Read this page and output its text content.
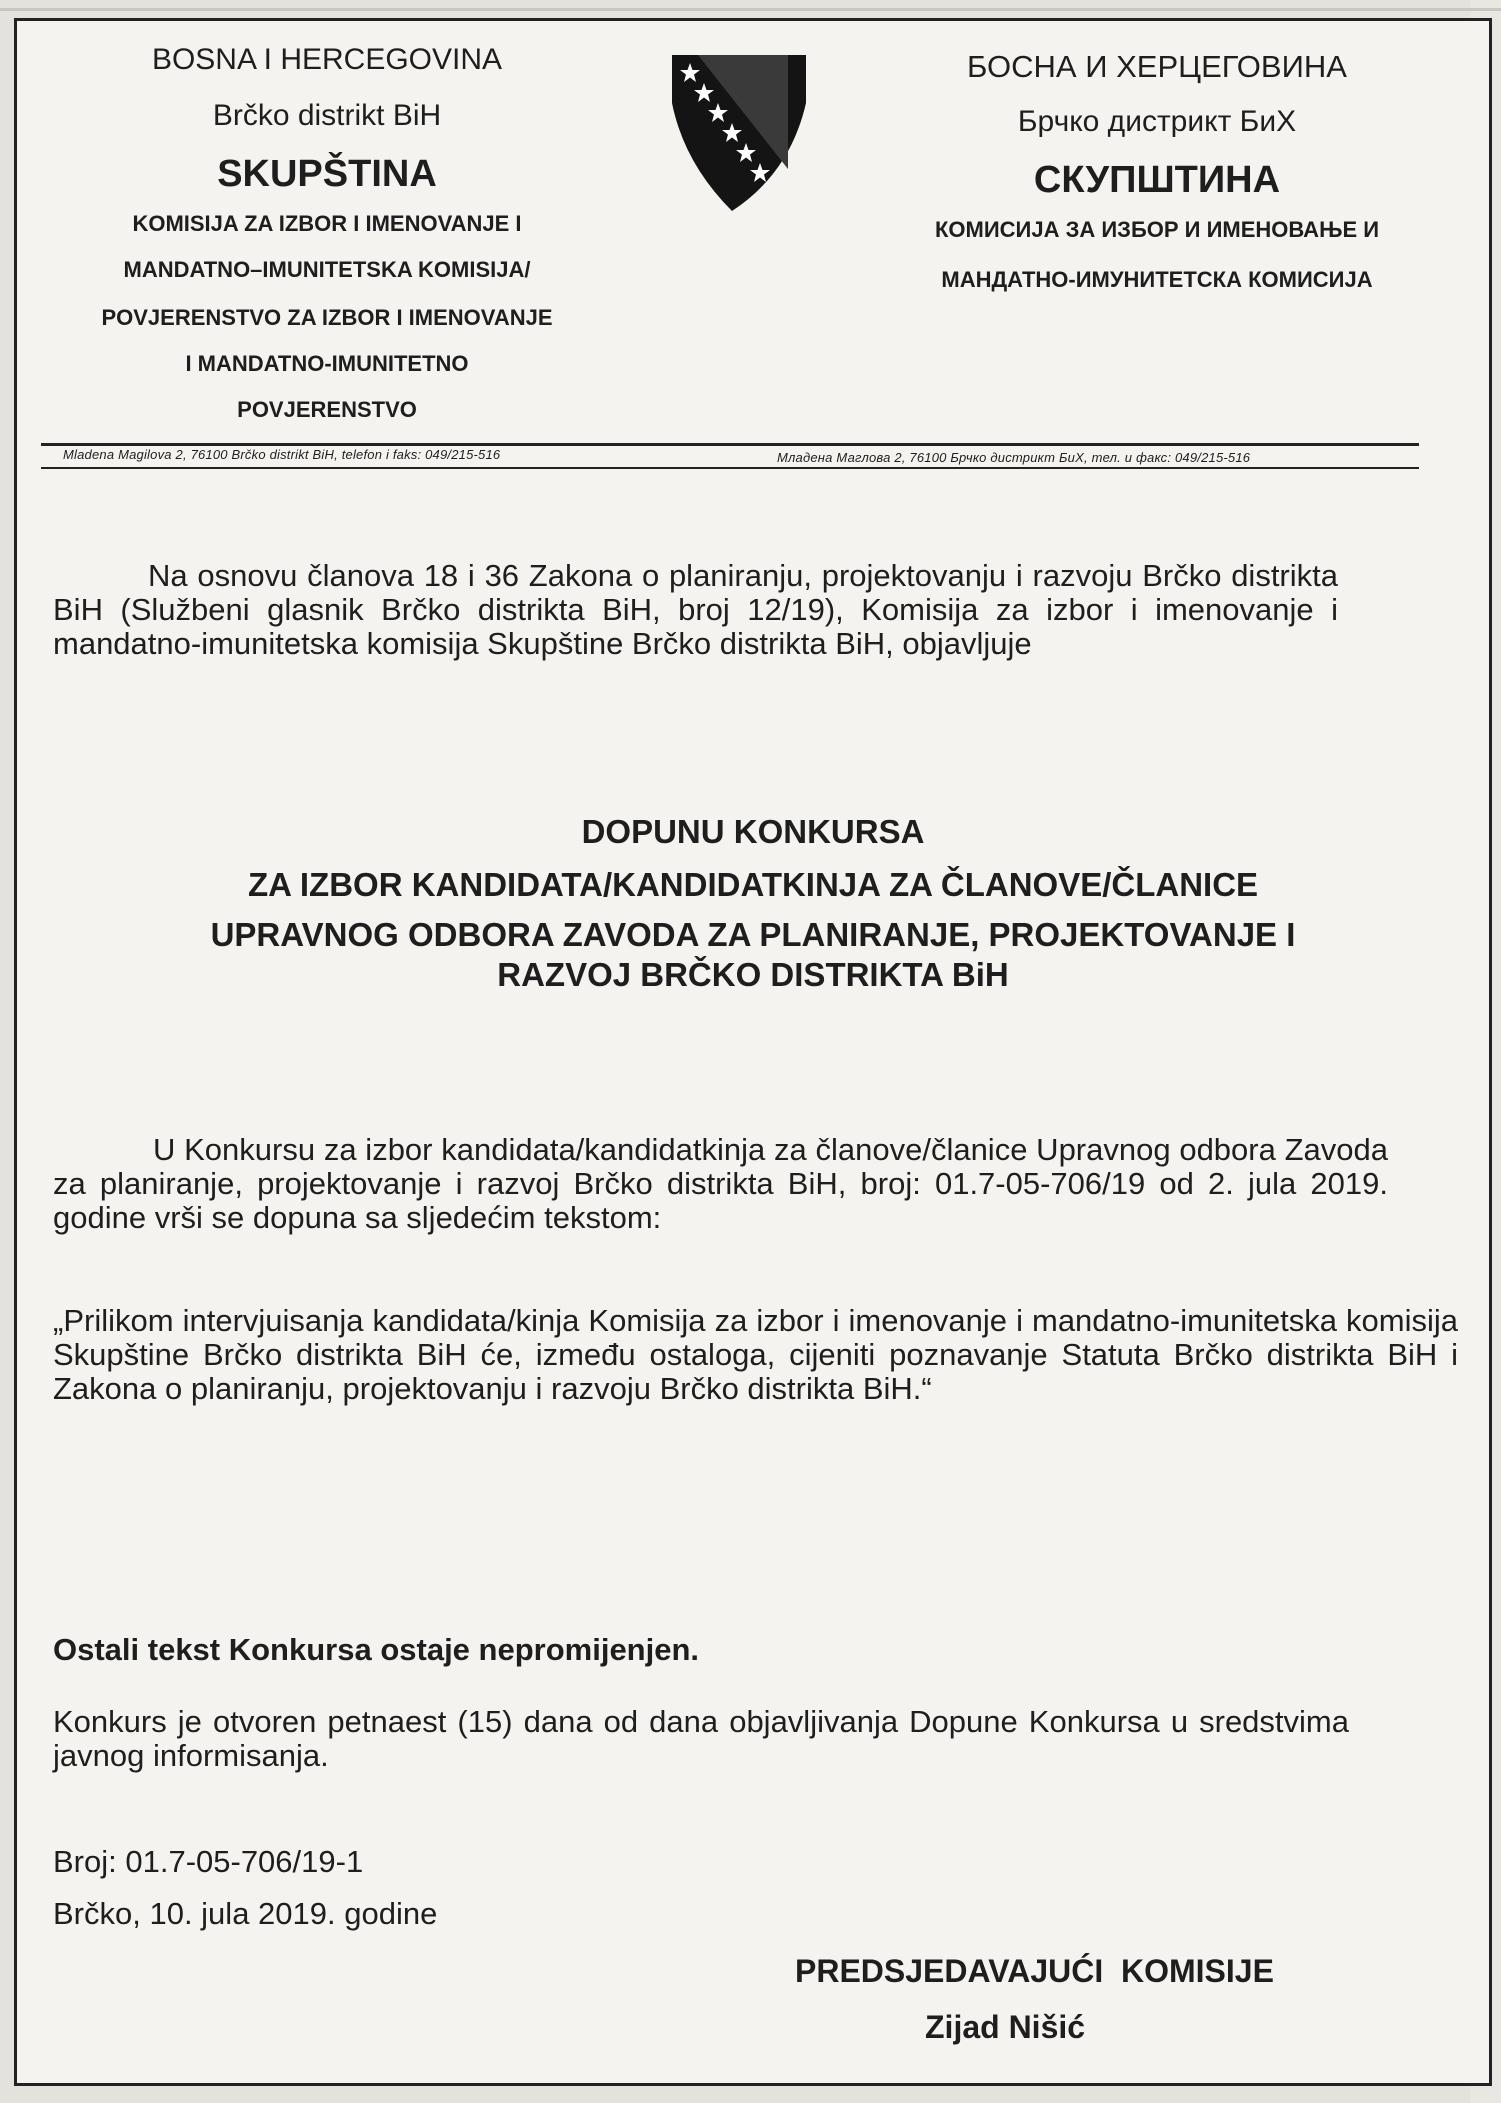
BOSNA I HERCEGOVINA
Brčko distrikt BiH
SKUPŠTINA
KOMISIJA ZA IZBOR I IMENOVANJE I
MANDATNO–IMUNITETSKA KOMISIJA/
POVJERENSTVO ZA IZBOR I IMENOVANJE
I MANDATNO-IMUNITETNO
POVJERENSTVO
БОСНА И ХЕРЦЕГОВИНА
Брчко дистрикт БиХ
СКУПШТИНА
КОМИСИЈА ЗА ИЗБОР И ИМЕНОВАЊЕ И
МАНДАТНО-ИМУНИТЕТСКА КОМИСИЈА
Mladena Magilova 2, 76100 Brčko distrikt BiH, telefon i faks: 049/215-516	Младена Маглова 2, 76100 Брчко дистрикт БиХ, тел. и факс: 049/215-516
Na osnovu članova 18 i 36 Zakona o planiranju, projektovanju i razvoju Brčko distrikta BiH (Službeni glasnik Brčko distrikta BiH, broj 12/19), Komisija za izbor i imenovanje i mandatno-imunitetska komisija Skupštine Brčko distrikta BiH, objavljuje
DOPUNU KONKURSA
ZA IZBOR KANDIDATA/KANDIDATKINJA ZA ČLANOVE/ČLANICE
UPRAVNOG ODBORA ZAVODA ZA PLANIRANJE, PROJEKTOVANJE I
RAZVOJ BRČKO DISTRIKTA BiH
U Konkursu za izbor kandidata/kandidatkinja za članove/članice Upravnog odbora Zavoda za planiranje, projektovanje i razvoj Brčko distrikta BiH, broj: 01.7-05-706/19 od 2. jula 2019. godine vrši se dopuna sa sljedećim tekstom:
„Prilikom intervjuisanja kandidata/kinja Komisija za izbor i imenovanje i mandatno-imunitetska komisija Skupštine Brčko distrikta BiH će, između ostaloga, cijeniti poznavanje Statuta Brčko distrikta BiH i Zakona o planiranju, projektovanju i razvoju Brčko distrikta BiH.“
Ostali tekst Konkursa ostaje nepromijenjen.
Konkurs je otvoren petnaest (15) dana od dana objavljivanja Dopune Konkursa u sredstvima javnog informisanja.
Broj: 01.7-05-706/19-1
Brčko, 10. jula 2019. godine
PREDSJEDAVAJUĆI  KOMISIJE
Zijad Nišić
